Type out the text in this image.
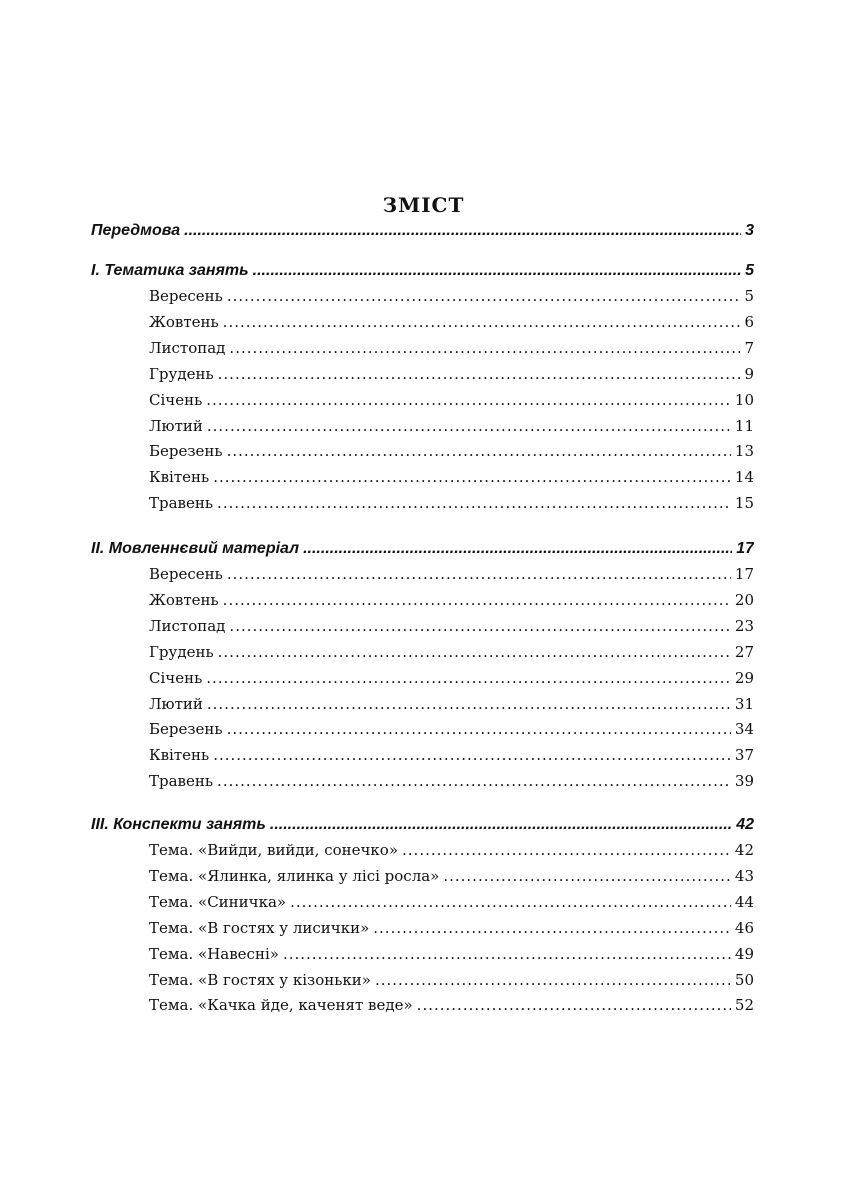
ЗМІСТ
Передмова .....	3
І. Тематика занять .....	5
Вересень .....	5
Жовтень .....	6
Листопад .....	7
Грудень .....	9
Січень .....	10
Лютий .....	11
Березень .....	13
Квітень .....	14
Травень .....	15
ІІ. Мовленнєвий матеріал .....	17
Вересень .....	17
Жовтень .....	20
Листопад .....	23
Грудень .....	27
Січень .....	29
Лютий .....	31
Березень .....	34
Квітень .....	37
Травень .....	39
ІІІ. Конспекти занять .....	42
Тема. «Вийди, вийди, сонечко» .....	42
Тема. «Ялинка, ялинка у лісі росла» .....	43
Тема. «Синичка» .....	44
Тема. «В гостях у лисички» .....	46
Тема. «Навесні» .....	49
Тема. «В гостях у кізоньки» .....	50
Тема. «Качка йде, каченят веде» .....	52
